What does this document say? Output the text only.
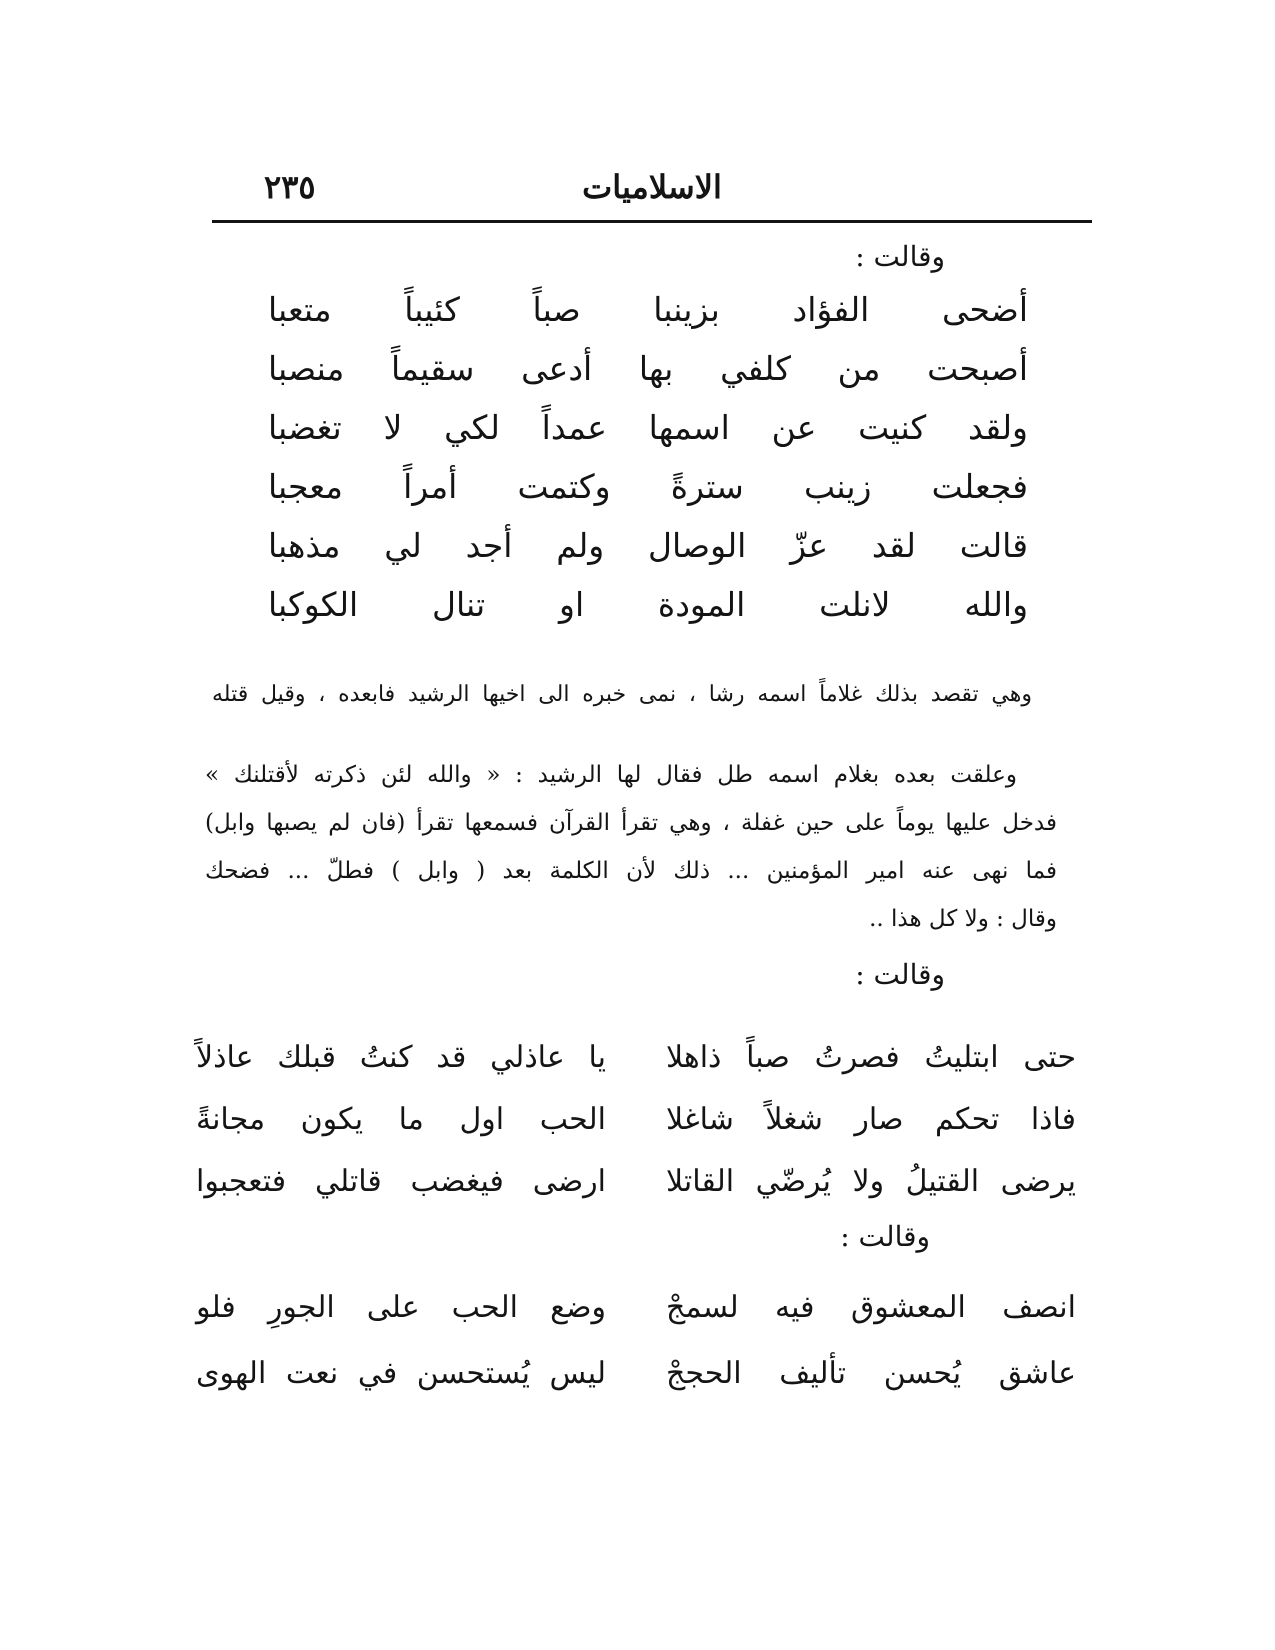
الاسلاميات
٢٣٥
وقالت :
أضحى الفؤاد بزينبا صباً كئيباً متعبا
أصبحت من كلفي بها أدعى سقيماً منصبا
ولقد كنيت عن اسمها عمداً لكي لا تغضبا
فجعلت زينب سترةً وكتمت أمراً معجبا
قالت لقد عزّ الوصال ولم أجد لي مذهبا
والله لانلت المودة او تنال الكوكبا
وهي تقصد بذلك غلاماً اسمه رشا ، نمى خبره الى اخيها الرشيد فابعده ، وقيل قتله
وعلقت بعده بغلام اسمه طل فقال لها الرشيد : « والله لئن ذكرته لأقتلنك »
فدخل عليها يوماً على حين غفلة ، وهي تقرأ القرآن فسمعها تقرأ (فان لم يصبها وابل)
فما نهى عنه امير المؤمنين ... ذلك لأن الكلمة بعد ( وابل ) فطلّ ... فضحك
وقال : ولا كل هذا ..
وقالت :
يا عاذلي قد كنتُ قبلك عاذلاً حتى ابتليتُ فصرتُ صباً ذاهلا
الحب اول ما يكون مجانةً فاذا تحكم صار شغلاً شاغلا
ارضى فيغضب قاتلي فتعجبوا يرضى القتيلُ ولا يُرضّي القاتلا
وقالت :
وضع الحب على الجورِ فلو انصف المعشوق فيه لسمجْ
ليس يُستحسن في نعت الهوى عاشق يُحسن تأليف الحججْ
